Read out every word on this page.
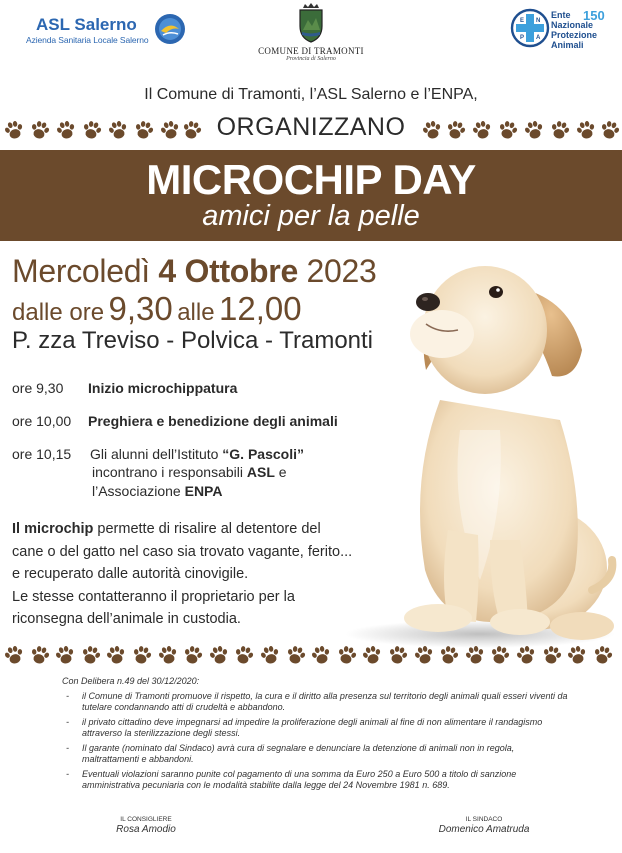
ASL Salerno
Azienda Sanitaria Locale Salerno
COMUNE DI TRAMONTI
Provincia di Salerno
E N
P A
Ente
Nazionale
Protezione
Animali
150
Il Comune di Tramonti, l’ASL Salerno e l’ENPA,
ORGANIZZANO
MICROCHIP DAY
amici per la pelle
Mercoledì 4 Ottobre 2023
dalle ore 9,30 alle 12,00
P. zza Treviso - Polvica - Tramonti
ore 9,30 Inizio microchippatura
ore 10,00 Preghiera e benedizione degli animali
ore 10,15 Gli alunni dell’Istituto “G. Pascoli”
incontrano i responsabili ASL e
l’Associazione ENPA
Il microchip permette di risalire al detentore del
cane o del gatto nel caso sia trovato vagante, ferito...
e recuperato dalle autorità cinovigile.
Le stesse contatteranno il proprietario per la
riconsegna dell’animale in custodia.
Con Delibera n.49 del 30/12/2020:
- il Comune di Tramonti promuove il rispetto, la cura e il diritto alla presenza sul territorio degli animali quali esseri viventi da tutelare condannando atti di crudeltà e abbandono.
- il privato cittadino deve impegnarsi ad impedire la proliferazione degli animali al fine di non alimentare il randagismo attraverso la sterilizzazione degli stessi.
- Il garante (nominato dal Sindaco) avrà cura di segnalare e denunciare la detenzione di animali non in regola, maltrattamenti e abbandoni.
- Eventuali violazioni saranno punite col pagamento di una somma da Euro 250 a Euro 500 a titolo di sanzione amministrativa pecuniaria con le modalità stabilite dalla legge del 24 Novembre 1981 n. 689.
IL CONSIGLIERE
Rosa Amodio
IL SINDACO
Domenico Amatruda
